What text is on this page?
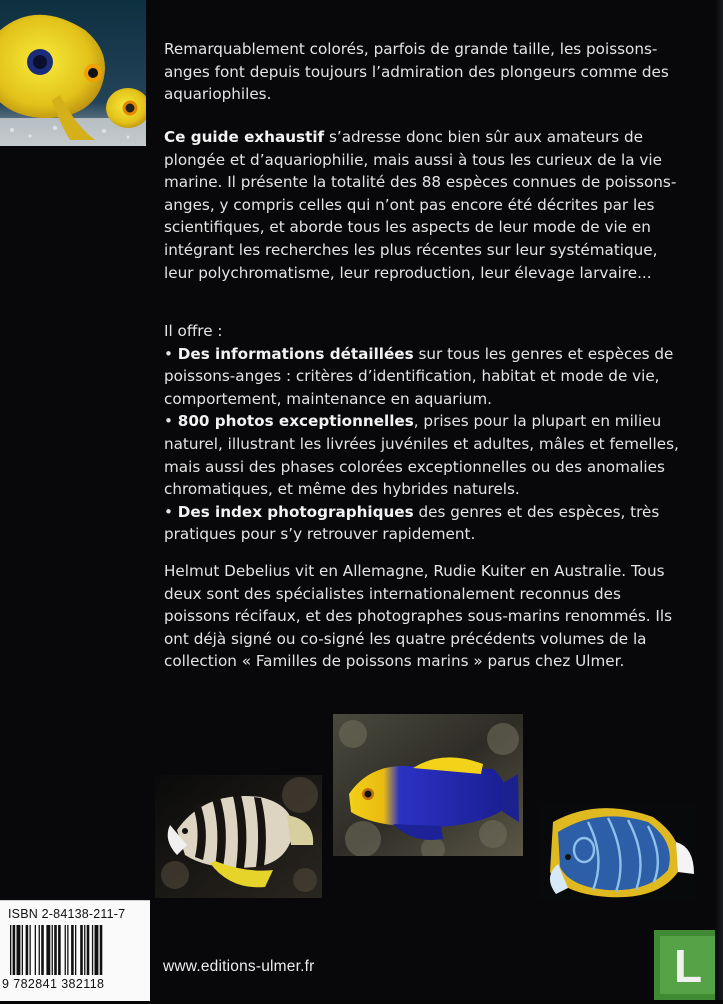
Remarquablement colorés, parfois de grande taille, les poissons-anges font depuis toujours l’admiration des plongeurs comme des aquariophiles.

Ce guide exhaustif s’adresse donc bien sûr aux amateurs de plongée et d’aquariophilie, mais aussi à tous les curieux de la vie marine. Il présente la totalité des 88 espèces connues de poissons-anges, y compris celles qui n’ont pas encore été décrites par les scientifiques, et aborde tous les aspects de leur mode de vie en intégrant les recherches les plus récentes sur leur systématique, leur polychromatisme, leur reproduction, leur élevage larvaire...

Il offre :

• Des informations détaillées sur tous les genres et espèces de poissons-anges : critères d’identification, habitat et mode de vie, comportement, maintenance en aquarium.

• 800 photos exceptionnelles, prises pour la plupart en milieu naturel, illustrant les livrées juvéniles et adultes, mâles et femelles, mais aussi des phases colorées exceptionnelles ou des anomalies chromatiques, et même des hybrides naturels.

• Des index photographiques des genres et des espèces, très pratiques pour s’y retrouver rapidement.

Helmut Debelius vit en Allemagne, Rudie Kuiter en Australie. Tous deux sont des spécialistes internationalement reconnus des poissons récifaux, et des photographes sous-marins renommés. Ils ont déjà signé ou co-signé les quatre précédents volumes de la collection « Familles de poissons marins » parus chez Ulmer.

ISBN 2-84138-211-7
9 782841 382118
www.editions-ulmer.fr	L
